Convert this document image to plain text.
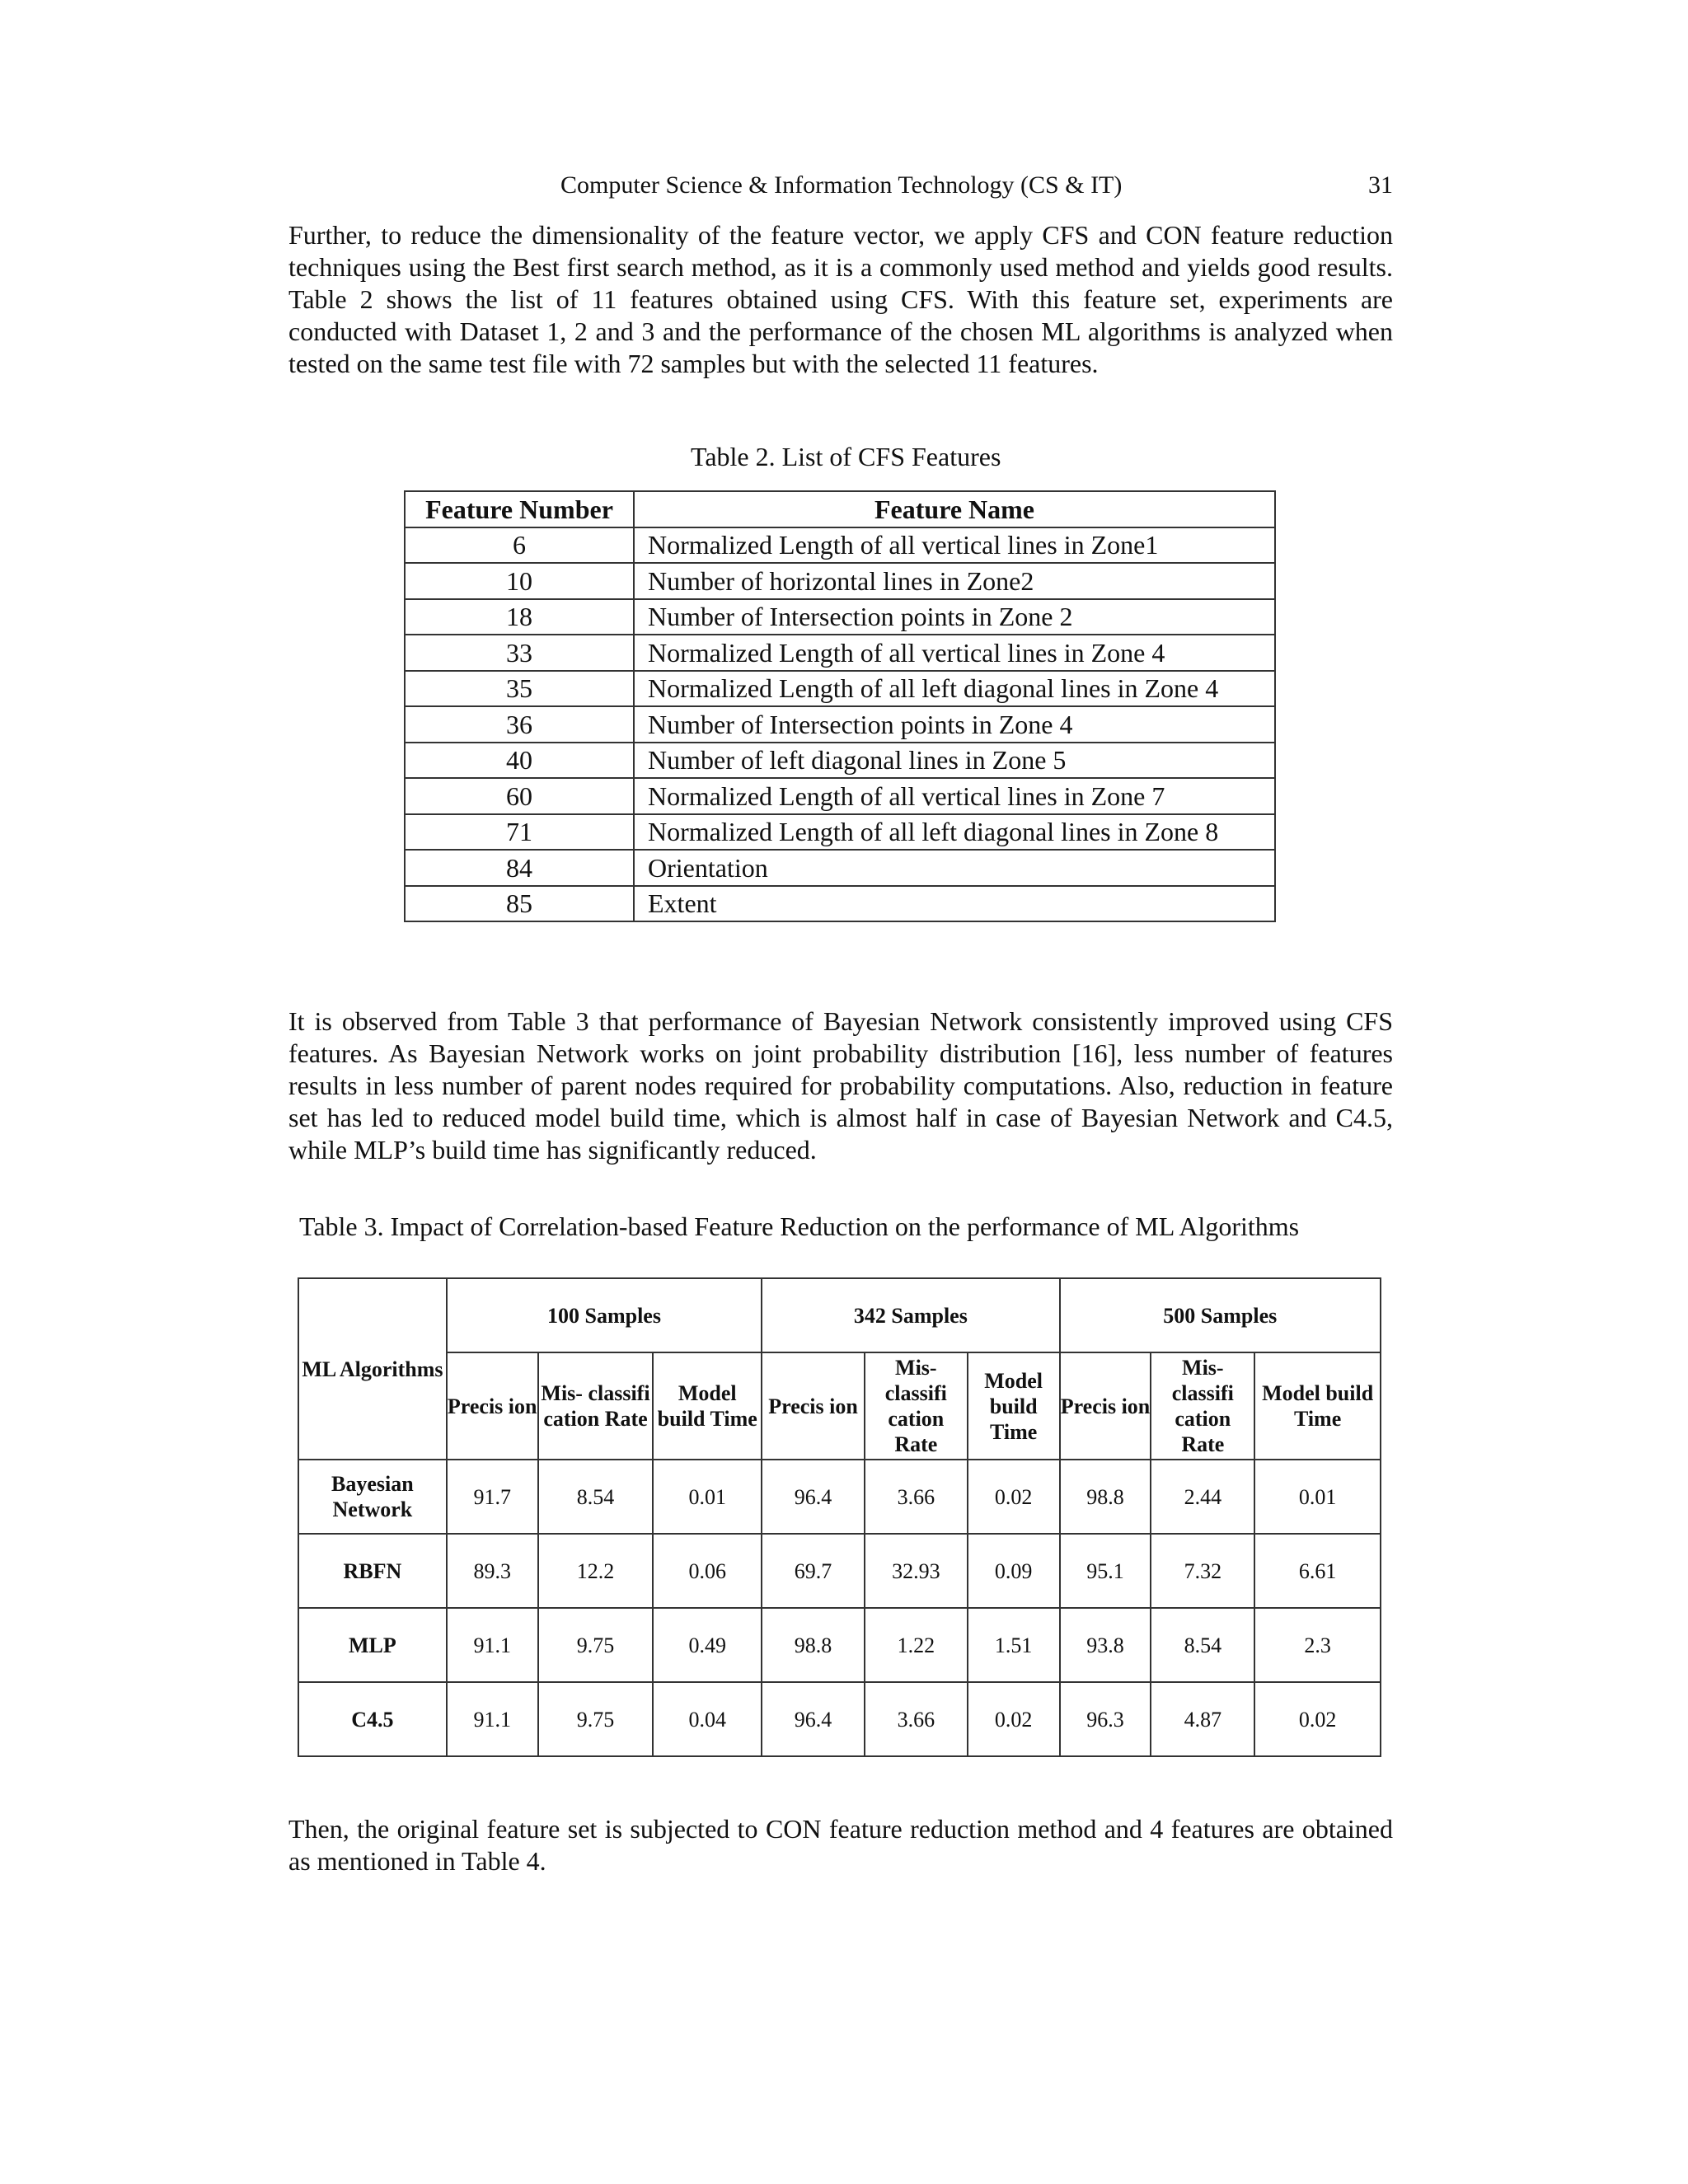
Computer Science & Information Technology (CS & IT)	31

Further, to reduce the dimensionality of the feature vector, we apply CFS and CON feature reduction techniques using the Best first search method, as it is a commonly used method and yields good results. Table 2 shows the list of 11 features obtained using CFS. With this feature set, experiments are conducted with Dataset 1, 2 and 3 and the performance of the chosen ML algorithms is analyzed when tested on the same test file with 72 samples but with the selected 11 features.

Table 2. List of CFS Features

Feature Number	Feature Name
6	Normalized Length of all vertical lines in Zone1
10	Number of horizontal lines in Zone2
18	Number of Intersection points in Zone 2
33	Normalized Length of all vertical lines in Zone 4
35	Normalized Length of all left diagonal lines in Zone 4
36	Number of Intersection points in Zone 4
40	Number of left diagonal lines in Zone 5
60	Normalized Length of all vertical lines in Zone 7
71	Normalized Length of all left diagonal lines in Zone 8
84	Orientation
85	Extent

It is observed from Table 3 that performance of Bayesian Network consistently improved using CFS features. As Bayesian Network works on joint probability distribution [16], less number of features results in less number of parent nodes required for probability computations. Also, reduction in feature set has led to reduced model build time, which is almost half in case of Bayesian Network and C4.5, while MLP’s build time has significantly reduced.

Table 3. Impact of Correlation-based Feature Reduction on the performance of ML Algorithms

ML Algorithms	100 Samples			342 Samples			500 Samples		
	Precis ion	Mis- classifi cation Rate	Model build Time	Precis ion	Mis- classifi cation Rate	Model build Time	Precis ion	Mis- classifi cation Rate	Model build Time
Bayesian Network	91.7	8.54	0.01	96.4	3.66	0.02	98.8	2.44	0.01
RBFN	89.3	12.2	0.06	69.7	32.93	0.09	95.1	7.32	6.61
MLP	91.1	9.75	0.49	98.8	1.22	1.51	93.8	8.54	2.3
C4.5	91.1	9.75	0.04	96.4	3.66	0.02	96.3	4.87	0.02

Then, the original feature set is subjected to CON feature reduction method and 4 features are obtained as mentioned in Table 4.
